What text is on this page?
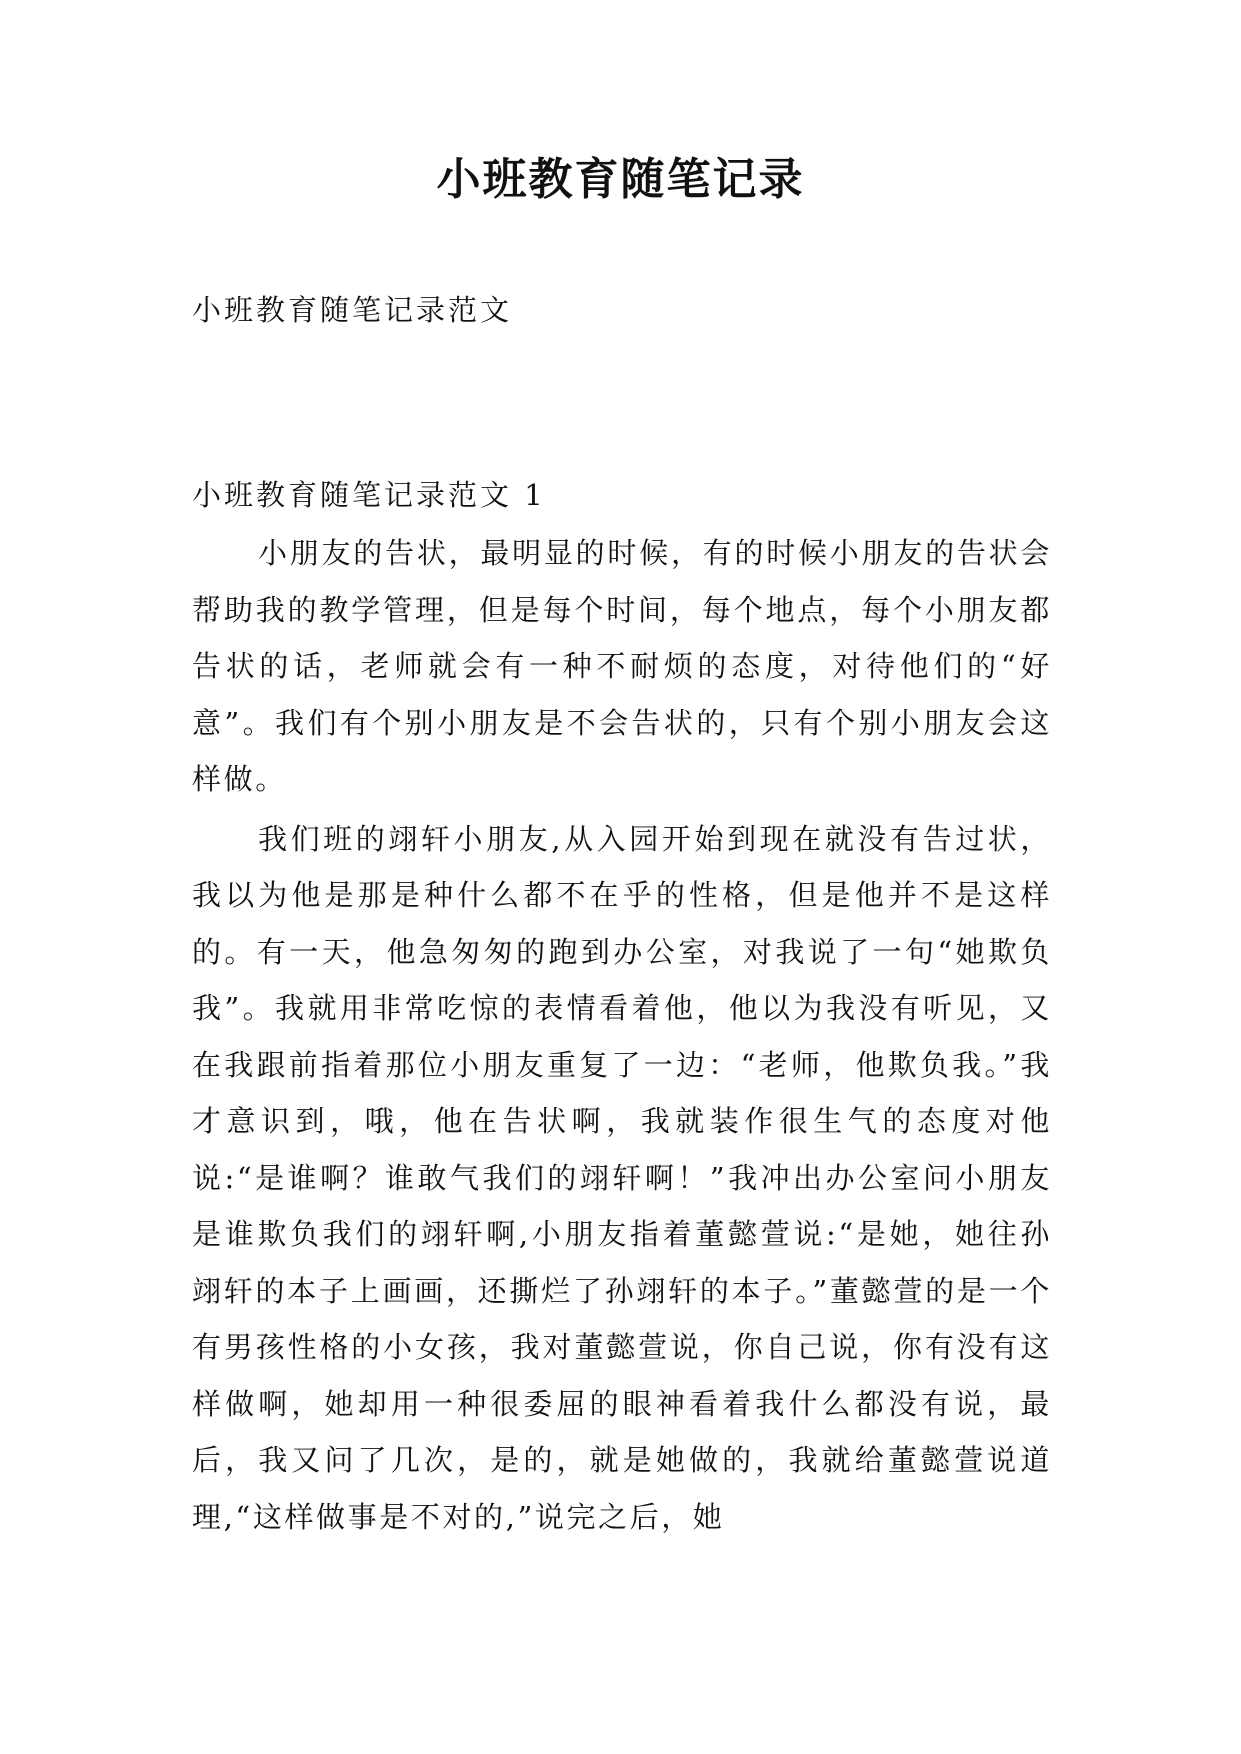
小班教育随笔记录
小班教育随笔记录范文
小班教育随笔记录范文 1

小朋友的告状，最明显的时候，有的时候小朋友的告状会帮助我的教学管理，但是每个时间，每个地点，每个小朋友都告状的话，老师就会有一种不耐烦的态度，对待他们的“好意”。我们有个别小朋友是不会告状的，只有个别小朋友会这样做。

我们班的翊轩小朋友,从入园开始到现在就没有告过状，我以为他是那是种什么都不在乎的性格，但是他并不是这样的。有一天，他急匆匆的跑到办公室，对我说了一句“她欺负我”。我就用非常吃惊的表情看着他，他以为我没有听见，又在我跟前指着那位小朋友重复了一边：“老师，他欺负我。”我才意识到，哦，他在告状啊，我就装作很生气的态度对他说:“是谁啊？谁敢气我们的翊轩啊！”我冲出办公室问小朋友是谁欺负我们的翊轩啊,小朋友指着董懿萱说:“是她，她往孙翊轩的本子上画画，还撕烂了孙翊轩的本子。”董懿萱的是一个有男孩性格的小女孩，我对董懿萱说，你自己说，你有没有这样做啊，她却用一种很委屈的眼神看着我什么都没有说，最后，我又问了几次，是的，就是她做的，我就给董懿萱说道理,“这样做事是不对的,”说完之后，她
